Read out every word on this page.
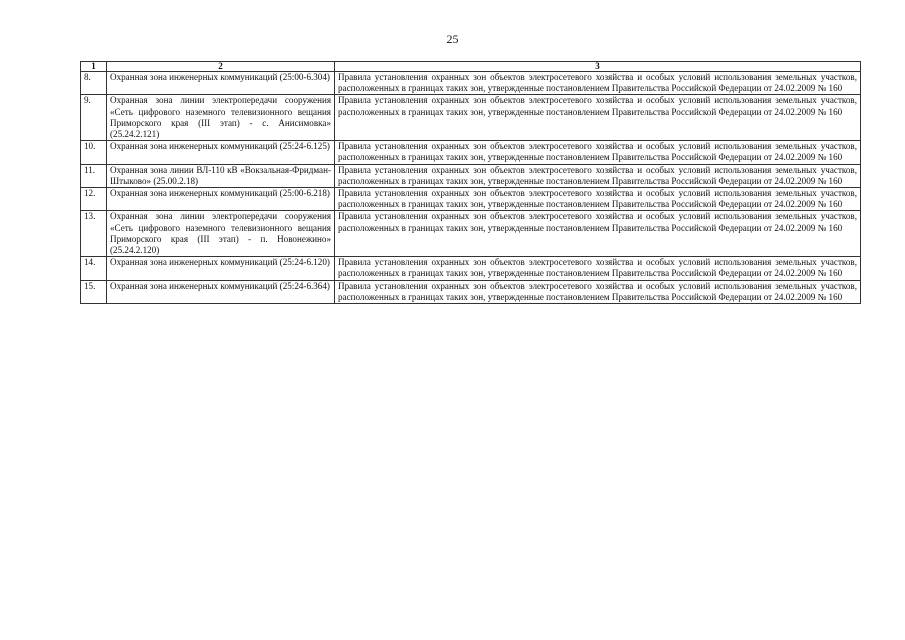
25
1	2	3
8.	Охранная зона инженерных коммуникаций (25:00-6.304)	Правила установления охранных зон объектов электросетевого хозяйства и особых условий использования земельных участков, расположенных в границах таких зон, утвержденные постановлением Правительства Российской Федерации от 24.02.2009 № 160
9.	Охранная зона линии электропередачи сооружения «Сеть цифрового наземного телевизионного вещания Приморского края (III этап) - с. Анисимовка» (25.24.2.121)	Правила установления охранных зон объектов электросетевого хозяйства и особых условий использования земельных участков, расположенных в границах таких зон, утвержденные постановлением Правительства Российской Федерации от 24.02.2009 № 160
10.	Охранная зона инженерных коммуникаций (25:24-6.125)	Правила установления охранных зон объектов электросетевого хозяйства и особых условий использования земельных участков, расположенных в границах таких зон, утвержденные постановлением Правительства Российской Федерации от 24.02.2009 № 160
11.	Охранная зона линии ВЛ-110 кВ «Вокзальная-Фридман-Штыково» (25.00.2.18)	Правила установления охранных зон объектов электросетевого хозяйства и особых условий использования земельных участков, расположенных в границах таких зон, утвержденные постановлением Правительства Российской Федерации от 24.02.2009 № 160
12.	Охранная зона инженерных коммуникаций (25:00-6.218)	Правила установления охранных зон объектов электросетевого хозяйства и особых условий использования земельных участков, расположенных в границах таких зон, утвержденные постановлением Правительства Российской Федерации от 24.02.2009 № 160
13.	Охранная зона линии электропередачи сооружения «Сеть цифрового наземного телевизионного вещания Приморского края (III этап) - п. Новонежино» (25.24.2.120)	Правила установления охранных зон объектов электросетевого хозяйства и особых условий использования земельных участков, расположенных в границах таких зон, утвержденные постановлением Правительства Российской Федерации от 24.02.2009 № 160
14.	Охранная зона инженерных коммуникаций (25:24-6.120)	Правила установления охранных зон объектов электросетевого хозяйства и особых условий использования земельных участков, расположенных в границах таких зон, утвержденные постановлением Правительства Российской Федерации от 24.02.2009 № 160
15.	Охранная зона инженерных коммуникаций (25:24-6.364)	Правила установления охранных зон объектов электросетевого хозяйства и особых условий использования земельных участков, расположенных в границах таких зон, утвержденные постановлением Правительства Российской Федерации от 24.02.2009 № 160
